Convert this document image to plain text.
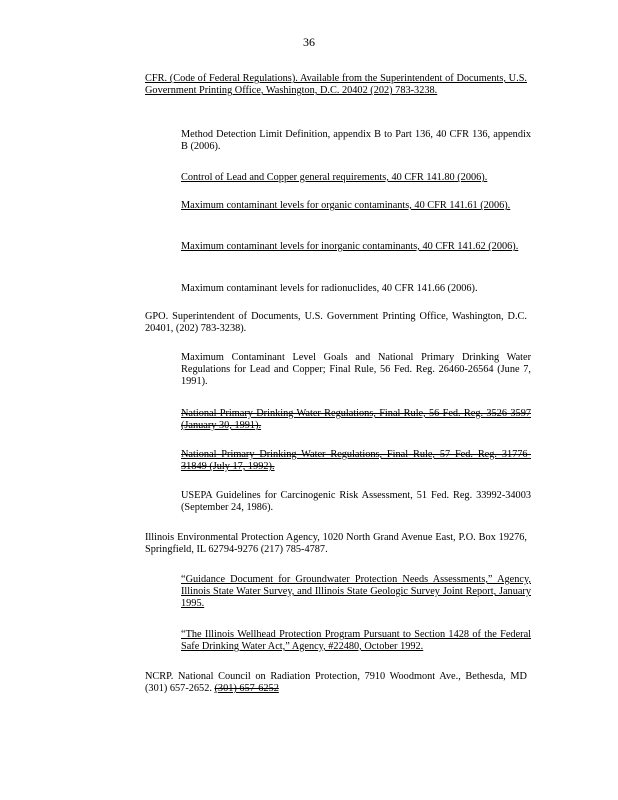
36
CFR. (Code of Federal Regulations). Available from the Superintendent of Documents, U.S. Government Printing Office, Washington, D.C. 20402 (202) 783-3238.
Method Detection Limit Definition, appendix B to Part 136, 40 CFR 136, appendix B (2006).
Control of Lead and Copper general requirements, 40 CFR 141.80 (2006).
Maximum contaminant levels for organic contaminants, 40 CFR 141.61 (2006).
Maximum contaminant levels for inorganic contaminants, 40 CFR 141.62 (2006).
Maximum contaminant levels for radionuclides, 40 CFR 141.66 (2006).
GPO. Superintendent of Documents, U.S. Government Printing Office, Washington, D.C. 20401, (202) 783-3238).
Maximum Contaminant Level Goals and National Primary Drinking Water Regulations for Lead and Copper; Final Rule, 56 Fed. Reg. 26460-26564 (June 7, 1991).
National Primary Drinking Water Regulations, Final Rule, 56 Fed. Reg. 3526-3597 (January 30, 1991).
National Primary Drinking Water Regulations, Final Rule, 57 Fed. Reg. 31776-31849 (July 17, 1992).
USEPA Guidelines for Carcinogenic Risk Assessment, 51 Fed. Reg. 33992-34003 (September 24, 1986).
Illinois Environmental Protection Agency, 1020 North Grand Avenue East, P.O. Box 19276, Springfield, IL 62794-9276 (217) 785-4787.
“Guidance Document for Groundwater Protection Needs Assessments,” Agency, Illinois State Water Survey, and Illinois State Geologic Survey Joint Report, January 1995.
“The Illinois Wellhead Protection Program Pursuant to Section 1428 of the Federal Safe Drinking Water Act,” Agency, #22480, October 1992.
NCRP. National Council on Radiation Protection, 7910 Woodmont Ave., Bethesda, MD (301) 657-2652. (301) 657-6252
